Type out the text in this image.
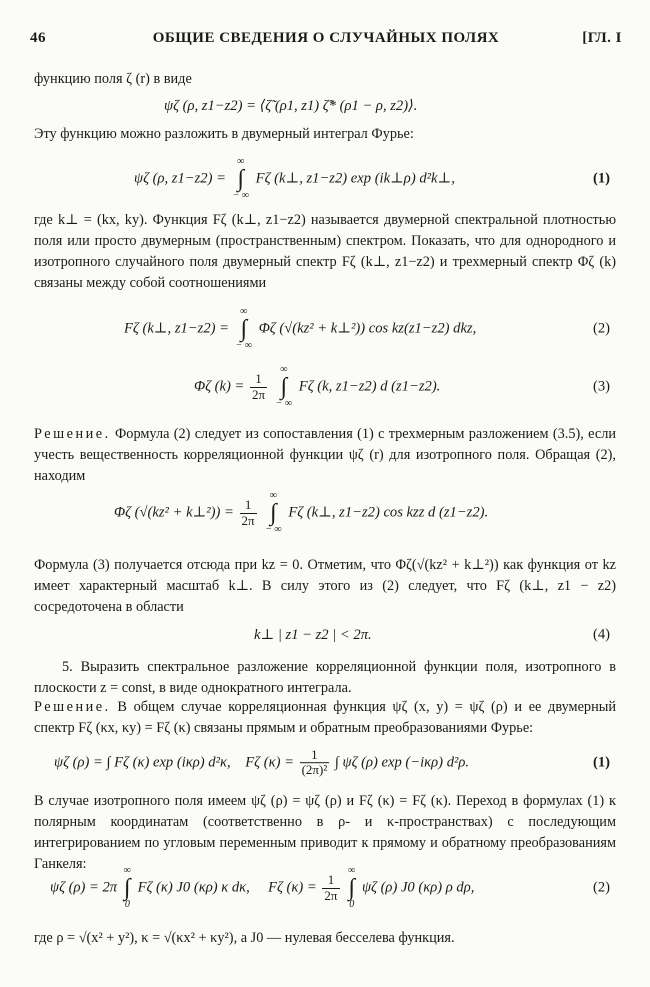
46	ОБЩИЕ СВЕДЕНИЯ О СЛУЧАЙНЫХ ПОЛЯХ	[ГЛ. I
функцию поля ζ (r) в виде
ψζ (ρ, z1−z2) = ⟨ζ̃ (ρ1, z1) ζ̃* (ρ1 − ρ, z2)⟩.
Эту функцию можно разложить в двумерный интеграл Фурье:
ψζ (ρ, z1−z2) =
∞
∫
− ∞
Fζ (k⊥, z1−z2) exp (ik⊥ρ) d²k⊥,	(1)
где k⊥ = (kx, ky). Функция Fζ (k⊥, z1−z2) называется двумерной спектральной плотностью поля или просто двумерным (пространственным) спектром. Показать, что для однородного и изотропного случайного поля двумерный спектр Fζ (k⊥, z1−z2) и трехмерный спектр Φζ (k) связаны между собой соотношениями
Fζ (k⊥, z1−z2) =
∞
∫
− ∞
Φζ (√(kz² + k⊥²)) cos kz(z1−z2) dkz,	(2)
Φζ $(k) = \frac{1}{2\pi}$

∞
∫
− ∞
Fζ (k, z1−z2) d (z1−z2).	(3)
Решение. Формула (2) следует из сопоставления (1) с трехмерным разложением (3.5), если учесть вещественность корреляционной функции ψζ (r) для изотропного поля. Обращая (2), находим
Φζ (√(kz² + k⊥²)) = $\frac{1}{2\pi}$

∞
∫
− ∞
Fζ (k⊥, z1−z2) cos kzz d (z1−z2).
Формула (3) получается отсюда при kz = 0. Отметим, что Φζ(√(kz² + k⊥²)) как функция от kz имеет характерный масштаб k⊥. В силу этого из (2) следует, что Fζ (k⊥, z1 − z2) сосредоточена в области
k⊥ | z1 − z2 | < 2π.	(4)
5. Выразить спектральное разложение корреляционной функции поля, изотропного в плоскости z = const, в виде однократного интеграла.
Решение. В общем случае корреляционная функция ψζ (x, y) = ψζ (ρ) и ее двумерный спектр Fζ (κx, κy) = Fζ (κ) связаны прямым и обратным преобразованиями Фурье:
ψζ (ρ) = ∫ Fζ (κ) exp (iκρ) d²κ, Fζ $(\kappa) = \frac{1}{\text{(2π)²}}$ ∫ ψζ (ρ) exp (−iκρ) d²ρ.	(1)
В случае изотропного поля имеем ψζ (ρ) = ψζ (ρ) и Fζ (κ) = Fζ (κ). Переход в формулах (1) к полярным координатам (соответственно в ρ- и κ-пространствах) с последующим интегрированием по угловым переменным приводит к прямому и обратному преобразованиям Ганкеля:
ψζ (ρ) = 2π
∞
∫
0
Fζ (κ) J0 (κρ) κ dκ, Fζ $(\kappa) = \frac{1}{2\pi}$

∞
∫
0
ψζ (ρ) J0 (κρ) ρ dρ,	(2)
где ρ = √(x² + y²), κ = √(κx² + κy²), а J0 — нулевая бесселева функция.
